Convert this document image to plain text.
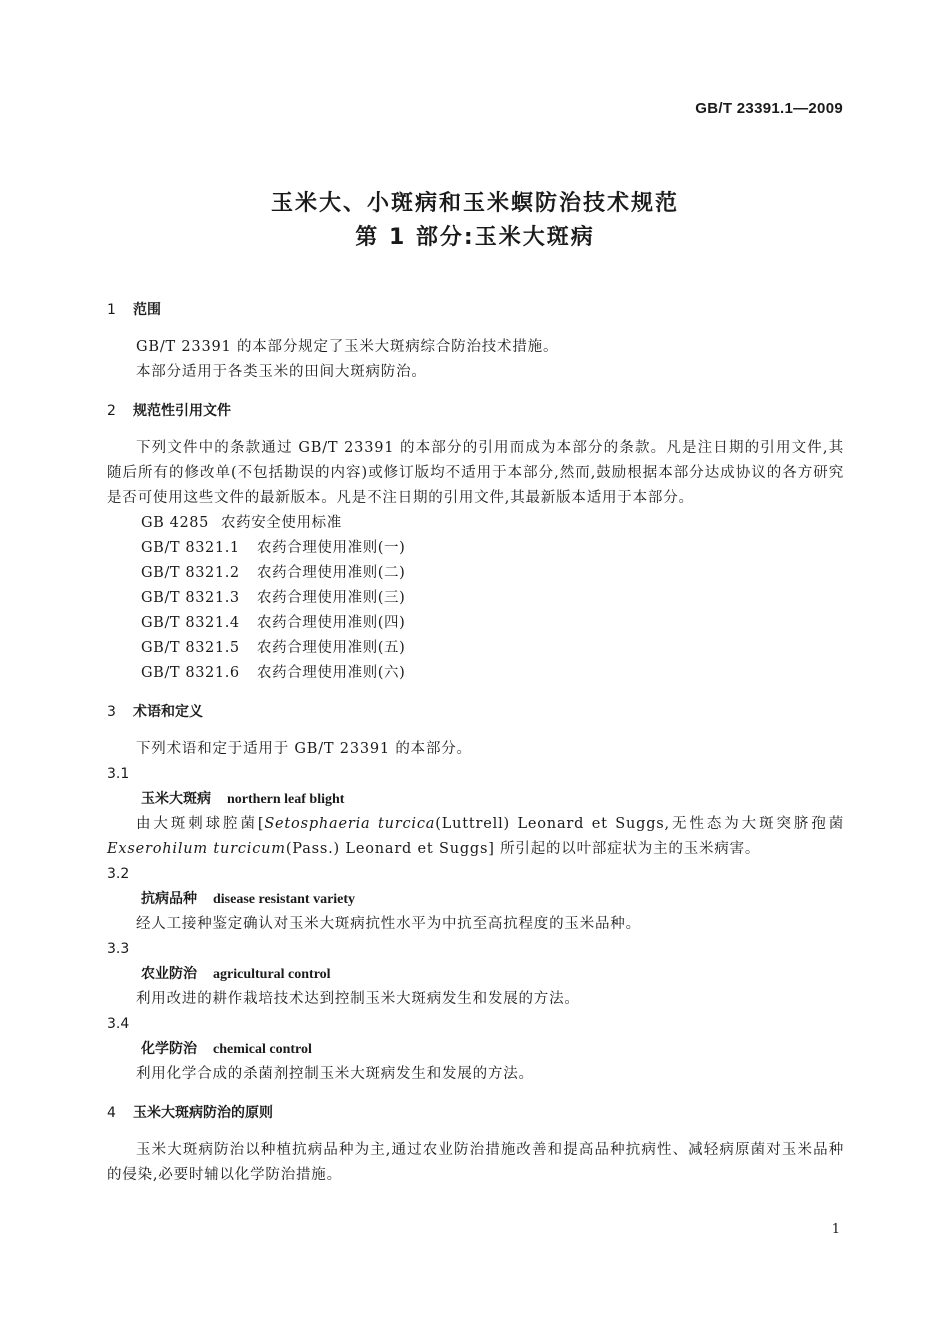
GB/T 23391.1—2009
玉米大、小斑病和玉米螟防治技术规范
第 1 部分:玉米大斑病
1 范围
GB/T 23391 的本部分规定了玉米大斑病综合防治技术措施。
本部分适用于各类玉米的田间大斑病防治。
2 规范性引用文件
下列文件中的条款通过 GB/T 23391 的本部分的引用而成为本部分的条款。凡是注日期的引用文件,其随后所有的修改单(不包括勘误的内容)或修订版均不适用于本部分,然而,鼓励根据本部分达成协议的各方研究是否可使用这些文件的最新版本。凡是不注日期的引用文件,其最新版本适用于本部分。
GB 4285 农药安全使用标准
GB/T 8321.1 农药合理使用准则(一)
GB/T 8321.2 农药合理使用准则(二)
GB/T 8321.3 农药合理使用准则(三)
GB/T 8321.4 农药合理使用准则(四)
GB/T 8321.5 农药合理使用准则(五)
GB/T 8321.6 农药合理使用准则(六)
3 术语和定义
下列术语和定于适用于 GB/T 23391 的本部分。
3.1
玉米大斑病 northern leaf blight
由大斑刺球腔菌[Setosphaeria turcica(Luttrell) Leonard et Suggs,无性态为大斑突脐孢菌Exserohilum turcicum(Pass.) Leonard et Suggs] 所引起的以叶部症状为主的玉米病害。
3.2
抗病品种 disease resistant variety
经人工接种鉴定确认对玉米大斑病抗性水平为中抗至高抗程度的玉米品种。
3.3
农业防治 agricultural control
利用改进的耕作栽培技术达到控制玉米大斑病发生和发展的方法。
3.4
化学防治 chemical control
利用化学合成的杀菌剂控制玉米大斑病发生和发展的方法。
4 玉米大斑病防治的原则
玉米大斑病防治以种植抗病品种为主,通过农业防治措施改善和提高品种抗病性、减轻病原菌对玉米品种的侵染,必要时辅以化学防治措施。
1
